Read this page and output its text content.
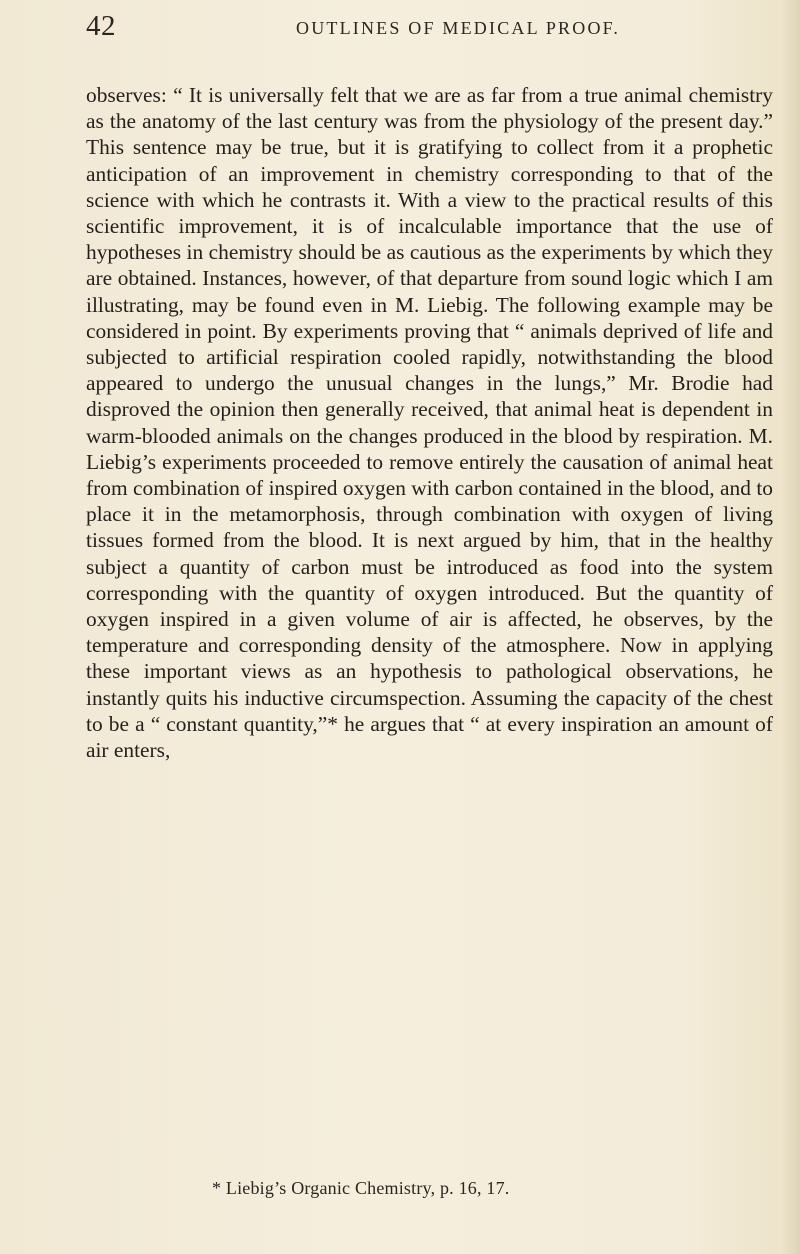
42	OUTLINES OF MEDICAL PROOF.

observes: “ It is universally felt that we are as far from a true animal chemistry as the anatomy of the last century was from the physiology of the present day.” This sentence may be true, but it is gratifying to collect from it a prophetic anticipation of an improvement in chemistry corresponding to that of the science with which he contrasts it. With a view to the practical results of this scientific improvement, it is of incalculable importance that the use of hypotheses in chemistry should be as cautious as the experiments by which they are obtained. Instances, however, of that departure from sound logic which I am illustrating, may be found even in M. Liebig. The following example may be considered in point. By experiments proving that “ animals deprived of life and subjected to artificial respiration cooled rapidly, notwithstanding the blood appeared to undergo the unusual changes in the lungs,” Mr. Brodie had disproved the opinion then generally received, that animal heat is dependent in warm-blooded animals on the changes produced in the blood by respiration. M. Liebig’s experiments proceeded to remove entirely the causation of animal heat from combination of inspired oxygen with carbon contained in the blood, and to place it in the metamorphosis, through combination with oxygen of living tissues formed from the blood. It is next argued by him, that in the healthy subject a quantity of carbon must be introduced as food into the system corresponding with the quantity of oxygen introduced. But the quantity of oxygen inspired in a given volume of air is affected, he observes, by the temperature and corresponding density of the atmosphere. Now in applying these important views as an hypothesis to pathological observations, he instantly quits his inductive circumspection. Assuming the capacity of the chest to be a “ constant quantity,”* he argues that “ at every inspiration an amount of air enters,

* Liebig’s Organic Chemistry, p. 16, 17.
